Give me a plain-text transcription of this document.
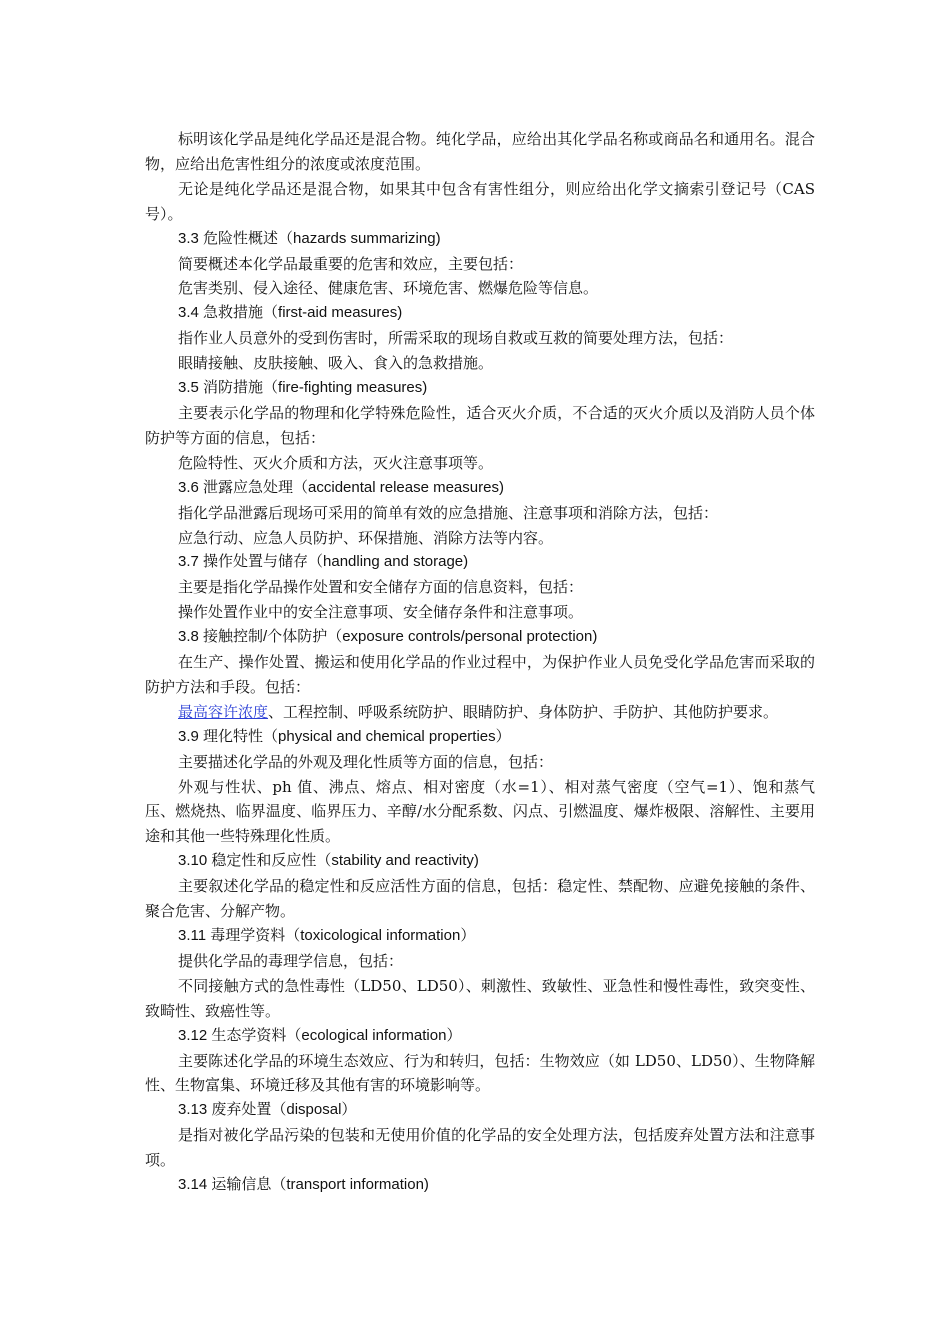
标明该化学品是纯化学品还是混合物。纯化学品，应给出其化学品名称或商品名和通用名。混合物，应给出危害性组分的浓度或浓度范围。

无论是纯化学品还是混合物，如果其中包含有害性组分，则应给出化学文摘索引登记号（CAS 号）。

3.3 危险性概述（hazards summarizing)

简要概述本化学品最重要的危害和效应，主要包括：

危害类别、侵入途径、健康危害、环境危害、燃爆危险等信息。

3.4 急救措施（first-aid measures)

指作业人员意外的受到伤害时，所需采取的现场自救或互救的简要处理方法，包括：

眼睛接触、皮肤接触、吸入、食入的急救措施。

3.5 消防措施（fire-fighting measures)

主要表示化学品的物理和化学特殊危险性，适合灭火介质，不合适的灭火介质以及消防人员个体防护等方面的信息，包括：

危险特性、灭火介质和方法，灭火注意事项等。

3.6 泄露应急处理（accidental release measures)

指化学品泄露后现场可采用的简单有效的应急措施、注意事项和消除方法，包括：

应急行动、应急人员防护、环保措施、消除方法等内容。

3.7 操作处置与储存（handling and storage)

主要是指化学品操作处置和安全储存方面的信息资料，包括：

操作处置作业中的安全注意事项、安全储存条件和注意事项。

3.8 接触控制/个体防护（exposure controls/personal protection)

在生产、操作处置、搬运和使用化学品的作业过程中，为保护作业人员免受化学品危害而采取的防护方法和手段。包括：

最高容许浓度、工程控制、呼吸系统防护、眼睛防护、身体防护、手防护、其他防护要求。

3.9 理化特性（physical and chemical properties）

主要描述化学品的外观及理化性质等方面的信息，包括：

外观与性状、ph 值、沸点、熔点、相对密度（水=1）、相对蒸气密度（空气=1）、饱和蒸气压、燃烧热、临界温度、临界压力、辛醇/水分配系数、闪点、引燃温度、爆炸极限、溶解性、主要用途和其他一些特殊理化性质。

3.10 稳定性和反应性（stability and reactivity)

主要叙述化学品的稳定性和反应活性方面的信息，包括：稳定性、禁配物、应避免接触的条件、聚合危害、分解产物。

3.11 毒理学资料（toxicological information）

提供化学品的毒理学信息，包括：

不同接触方式的急性毒性（LD50、LD50）、刺激性、致敏性、亚急性和慢性毒性，致突变性、致畸性、致癌性等。

3.12 生态学资料（ecological information）

主要陈述化学品的环境生态效应、行为和转归，包括：生物效应（如 LD50、LD50）、生物降解性、生物富集、环境迁移及其他有害的环境影响等。

3.13 废弃处置（disposal）

是指对被化学品污染的包装和无使用价值的化学品的安全处理方法，包括废弃处置方法和注意事项。

3.14 运输信息（transport information)
